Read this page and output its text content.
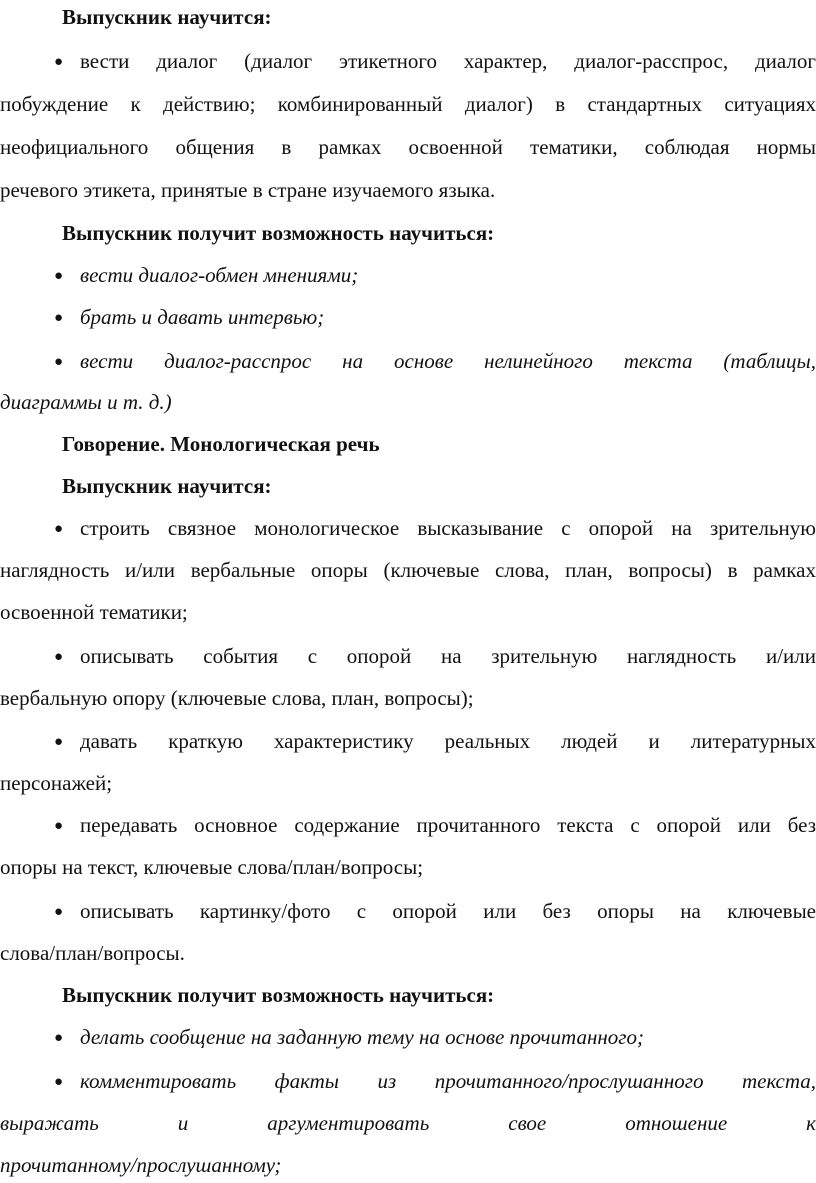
Выпускник научится:
● вести диалог (диалог этикетного характер, диалог-расспрос, диалог
побуждение к действию; комбинированный диалог) в стандартных ситуациях
неофициального общения в рамках освоенной тематики, соблюдая нормы
речевого этикета, принятые в стране изучаемого языка.
Выпускник получит возможность научиться:
● вести диалог-обмен мнениями;
● брать и давать интервью;
● вести диалог-расспрос на основе нелинейного текста (таблицы,
диаграммы и т. д.)
Говорение. Монологическая речь
Выпускник научится:
● строить связное монологическое высказывание с опорой на зрительную
наглядность и/или вербальные опоры (ключевые слова, план, вопросы) в рамках
освоенной тематики;
● описывать события с опорой на зрительную наглядность и/или
вербальную опору (ключевые слова, план, вопросы);
● давать краткую характеристику реальных людей и литературных
персонажей;
● передавать основное содержание прочитанного текста с опорой или без
опоры на текст, ключевые слова/план/вопросы;
● описывать картинку/фото с опорой или без опоры на ключевые
слова/план/вопросы.
Выпускник получит возможность научиться:
● делать сообщение на заданную тему на основе прочитанного;
● комментировать факты из прочитанного/прослушанного текста,
выражать и аргументировать свое отношение к
прочитанному/прослушанному;
